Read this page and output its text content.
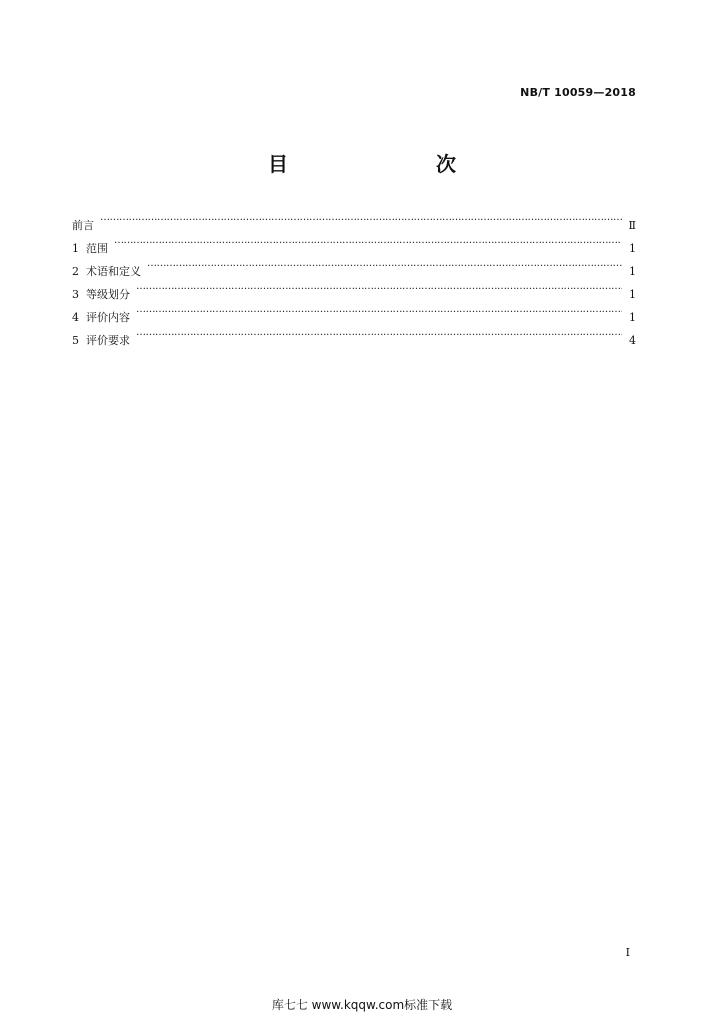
NB/T 10059—2018
目　　次
前言 ……………………………………………………………………………………………………………………………………………………………………………………………………………	Ⅱ
1 范围 ……………………………………………………………………………………………………………………………………………………………………………………………………………	1
2 术语和定义 ……………………………………………………………………………………………………………………………………………………………………………………………………………	1
3 等级划分 ……………………………………………………………………………………………………………………………………………………………………………………………………………	1
4 评价内容 ……………………………………………………………………………………………………………………………………………………………………………………………………………	1
5 评价要求 ……………………………………………………………………………………………………………………………………………………………………………………………………………	4
Ⅰ
库七七 www.kqqw.com标准下载
